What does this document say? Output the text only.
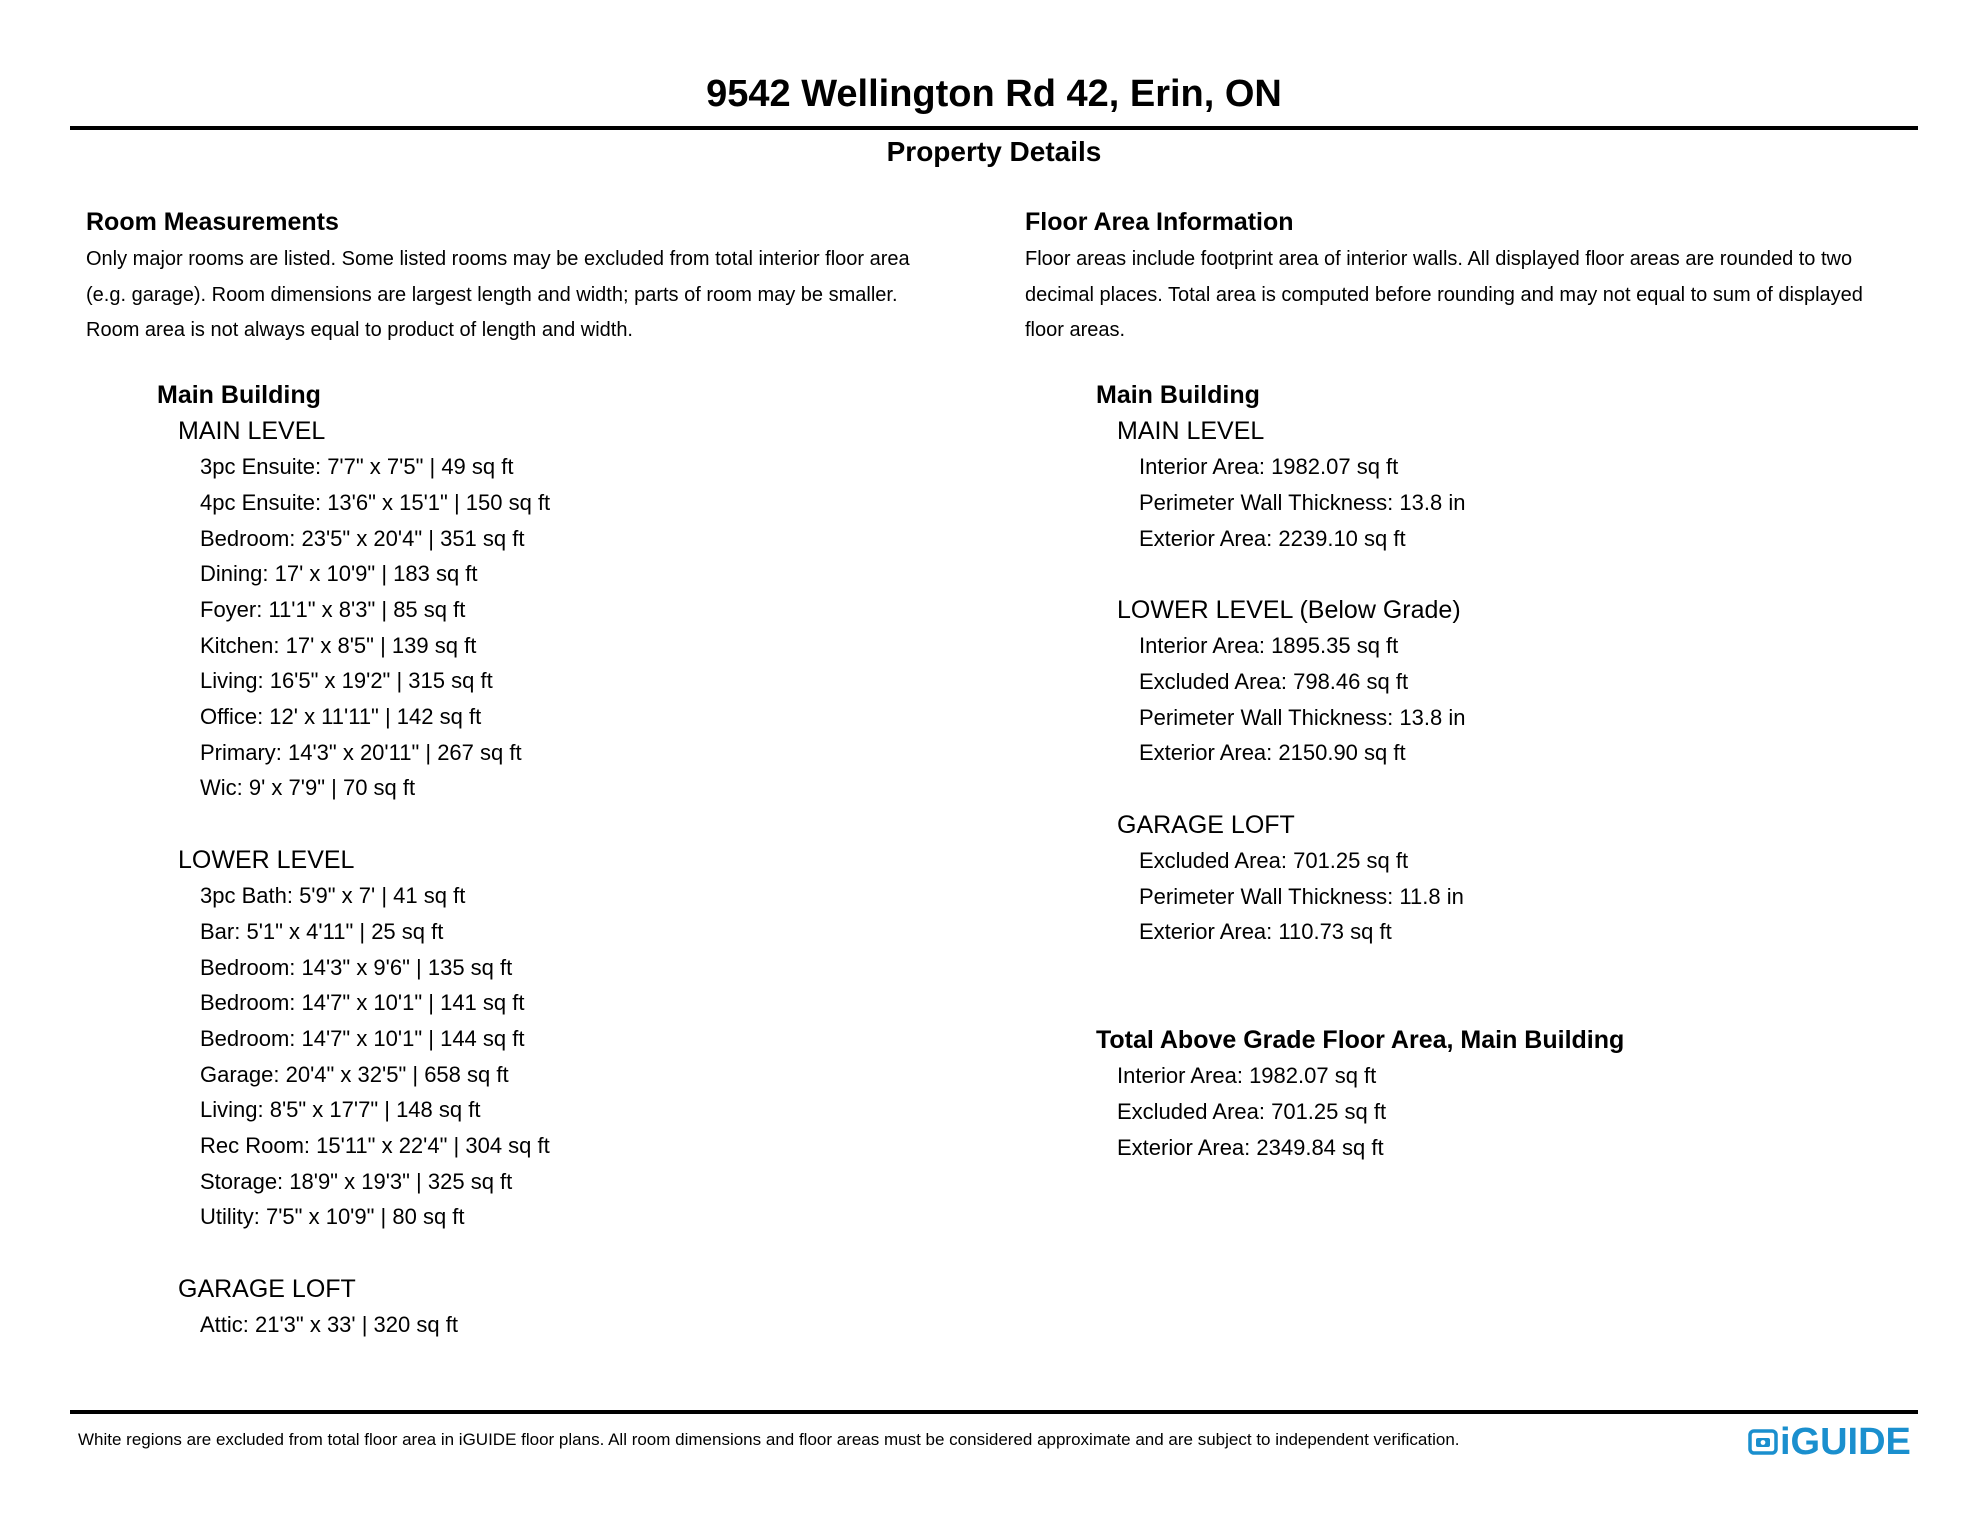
9542 Wellington Rd 42, Erin, ON
Property Details
Room Measurements
Only major rooms are listed. Some listed rooms may be excluded from total interior floor area
(e.g. garage). Room dimensions are largest length and width; parts of room may be smaller.
Room area is not always equal to product of length and width.
Main Building
MAIN LEVEL
3pc Ensuite: 7'7" x 7'5" | 49 sq ft
4pc Ensuite: 13'6" x 15'1" | 150 sq ft
Bedroom: 23'5" x 20'4" | 351 sq ft
Dining: 17' x 10'9" | 183 sq ft
Foyer: 11'1" x 8'3" | 85 sq ft
Kitchen: 17' x 8'5" | 139 sq ft
Living: 16'5" x 19'2" | 315 sq ft
Office: 12' x 11'11" | 142 sq ft
Primary: 14'3" x 20'11" | 267 sq ft
Wic: 9' x 7'9" | 70 sq ft
LOWER LEVEL
3pc Bath: 5'9" x 7' | 41 sq ft
Bar: 5'1" x 4'11" | 25 sq ft
Bedroom: 14'3" x 9'6" | 135 sq ft
Bedroom: 14'7" x 10'1" | 141 sq ft
Bedroom: 14'7" x 10'1" | 144 sq ft
Garage: 20'4" x 32'5" | 658 sq ft
Living: 8'5" x 17'7" | 148 sq ft
Rec Room: 15'11" x 22'4" | 304 sq ft
Storage: 18'9" x 19'3" | 325 sq ft
Utility: 7'5" x 10'9" | 80 sq ft
GARAGE LOFT
Attic: 21'3" x 33' | 320 sq ft
Floor Area Information
Floor areas include footprint area of interior walls. All displayed floor areas are rounded to two
decimal places. Total area is computed before rounding and may not equal to sum of displayed
floor areas.
Main Building
MAIN LEVEL
Interior Area: 1982.07 sq ft
Perimeter Wall Thickness: 13.8 in
Exterior Area: 2239.10 sq ft
LOWER LEVEL (Below Grade)
Interior Area: 1895.35 sq ft
Excluded Area: 798.46 sq ft
Perimeter Wall Thickness: 13.8 in
Exterior Area: 2150.90 sq ft
GARAGE LOFT
Excluded Area: 701.25 sq ft
Perimeter Wall Thickness: 11.8 in
Exterior Area: 110.73 sq ft
Total Above Grade Floor Area, Main Building
Interior Area: 1982.07 sq ft
Excluded Area: 701.25 sq ft
Exterior Area: 2349.84 sq ft
White regions are excluded from total floor area in iGUIDE floor plans. All room dimensions and floor areas must be considered approximate and are subject to independent verification.	iGUIDE
